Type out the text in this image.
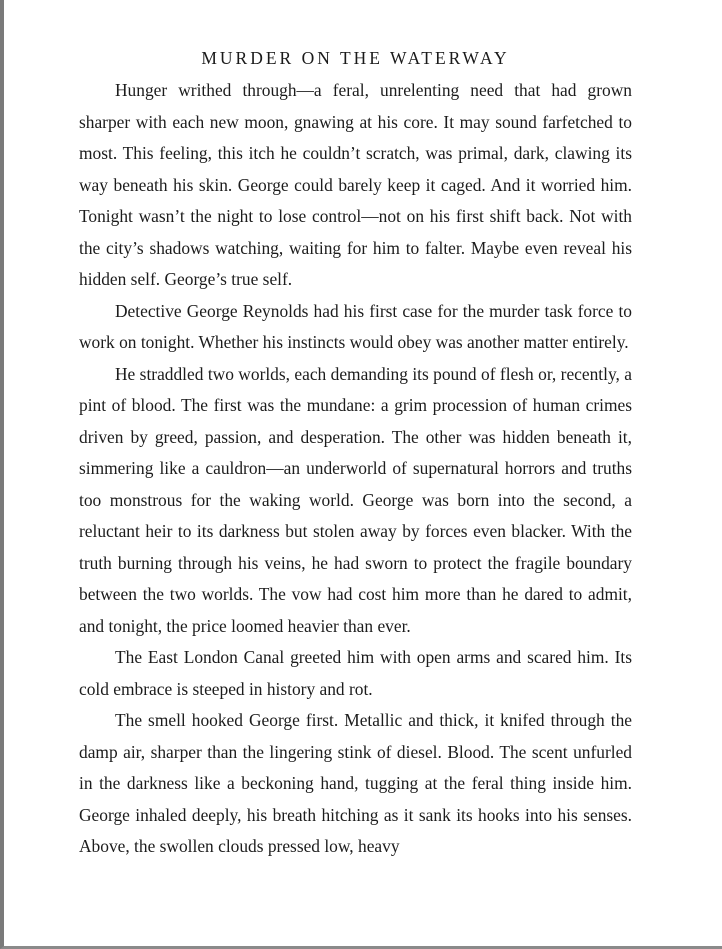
MURDER ON THE WATERWAY

Hunger writhed through—a feral, unrelenting need that had grown sharper with each new moon, gnawing at his core. It may sound farfetched to most. This feeling, this itch he couldn’t scratch, was primal, dark, clawing its way beneath his skin. George could barely keep it caged. And it worried him. Tonight wasn’t the night to lose control—not on his first shift back. Not with the city’s shadows watching, waiting for him to falter. Maybe even reveal his hidden self. George’s true self.

Detective George Reynolds had his first case for the murder task force to work on tonight. Whether his instincts would obey was another matter entirely.

He straddled two worlds, each demanding its pound of flesh or, recently, a pint of blood. The first was the mundane: a grim procession of human crimes driven by greed, passion, and desperation. The other was hidden beneath it, simmering like a cauldron—an underworld of supernatural horrors and truths too monstrous for the waking world. George was born into the second, a reluctant heir to its darkness but stolen away by forces even blacker. With the truth burning through his veins, he had sworn to protect the fragile boundary between the two worlds. The vow had cost him more than he dared to admit, and tonight, the price loomed heavier than ever.

The East London Canal greeted him with open arms and scared him. Its cold embrace is steeped in history and rot.

The smell hooked George first. Metallic and thick, it knifed through the damp air, sharper than the lingering stink of diesel. Blood. The scent unfurled in the darkness like a beckoning hand, tugging at the feral thing inside him. George inhaled deeply, his breath hitching as it sank its hooks into his senses. Above, the swollen clouds pressed low, heavy
